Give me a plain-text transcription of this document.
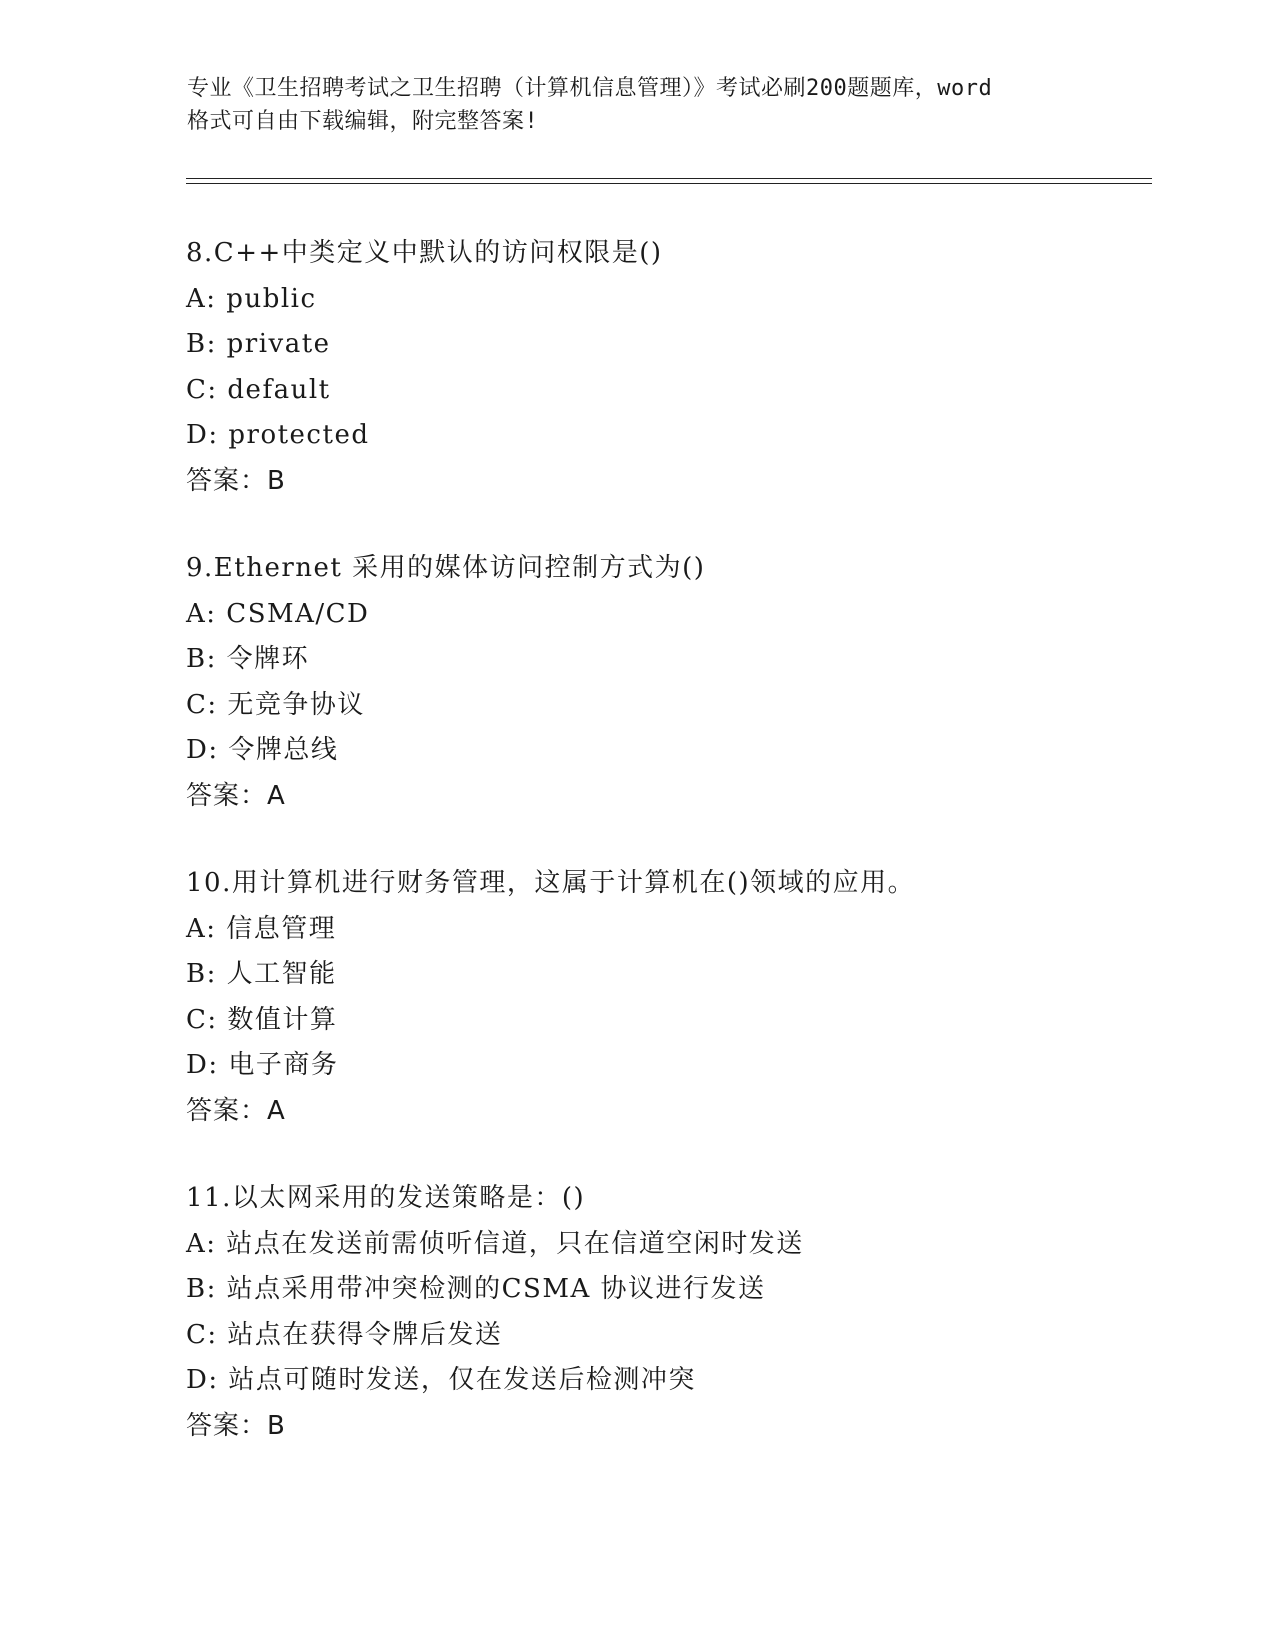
专业《卫生招聘考试之卫生招聘（计算机信息管理）》考试必刷200题题库，word
格式可自由下载编辑，附完整答案!
8.C++中类定义中默认的访问权限是()
A: public
B: private
C: default
D: protected
答案：B
9.Ethernet 采用的媒体访问控制方式为()
A: CSMA/CD
B: 令牌环
C: 无竞争协议
D: 令牌总线
答案：A
10.用计算机进行财务管理，这属于计算机在()领域的应用。
A: 信息管理
B: 人工智能
C: 数值计算
D: 电子商务
答案：A
11.以太网采用的发送策略是：()
A: 站点在发送前需侦听信道，只在信道空闲时发送
B: 站点采用带冲突检测的CSMA 协议进行发送
C: 站点在获得令牌后发送
D: 站点可随时发送，仅在发送后检测冲突
答案：B
